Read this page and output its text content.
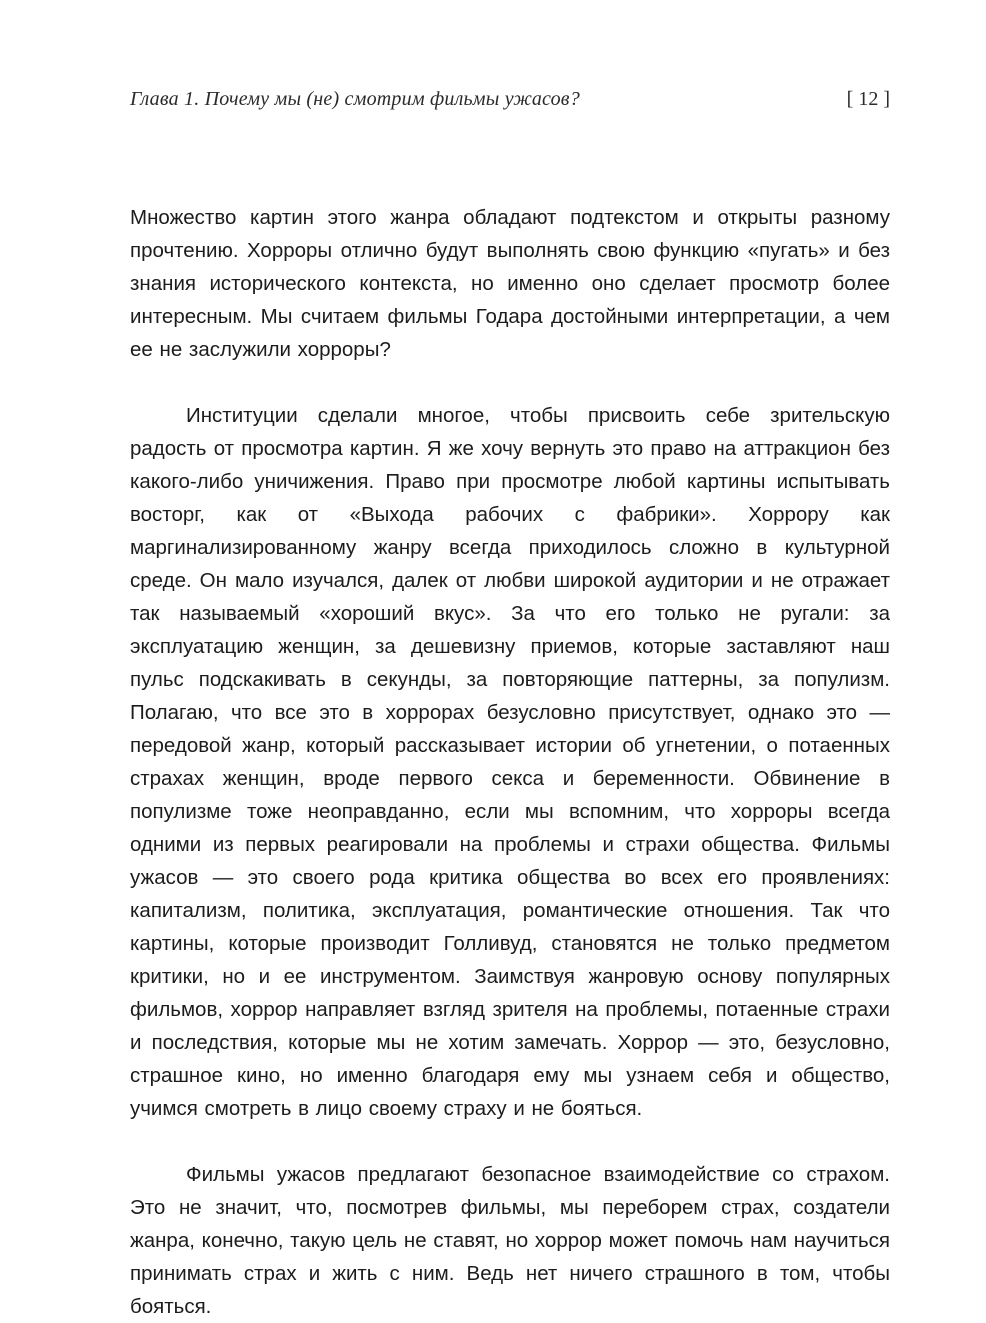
Глава 1. Почему мы (не) смотрим фильмы ужасов?	[ 12 ]

Множество картин этого жанра обладают подтекстом и открыты разному прочтению. Хорроры отлично будут выполнять свою функцию «пугать» и без знания исторического контекста, но именно оно сделает просмотр более интересным. Мы считаем фильмы Годара достойными интерпретации, а чем ее не заслужили хорроры?

Институции сделали многое, чтобы присвоить себе зрительскую радость от просмотра картин. Я же хочу вернуть это право на аттракцион без какого-либо уничижения. Право при просмотре любой картины испытывать восторг, как от «Выхода рабочих с фабрики». Хоррору как маргинализированному жанру всегда приходилось сложно в культурной среде. Он мало изучался, далек от любви широкой аудитории и не отражает так называемый «хороший вкус». За что его только не ругали: за эксплуатацию женщин, за дешевизну приемов, которые заставляют наш пульс подскакивать в секунды, за повторяющие паттерны, за популизм. Полагаю, что все это в хоррорах безусловно присутствует, однако это — передовой жанр, который рассказывает истории об угнетении, о потаенных страхах женщин, вроде первого секса и беременности. Обвинение в популизме тоже неоправданно, если мы вспомним, что хорроры всегда одними из первых реагировали на проблемы и страхи общества. Фильмы ужасов — это своего рода критика общества во всех его проявлениях: капитализм, политика, эксплуатация, романтические отношения. Так что картины, которые производит Голливуд, становятся не только предметом критики, но и ее инструментом. Заимствуя жанровую основу популярных фильмов, хоррор направляет взгляд зрителя на проблемы, потаенные страхи и последствия, которые мы не хотим замечать. Хоррор — это, безусловно, страшное кино, но именно благодаря ему мы узнаем себя и общество, учимся смотреть в лицо своему страху и не бояться.

Фильмы ужасов предлагают безопасное взаимодействие со страхом. Это не значит, что, посмотрев фильмы, мы переборем страх, создатели жанра, конечно, такую цель не ставят, но хоррор может помочь нам научиться принимать страх и жить с ним. Ведь нет ничего страшного в том, чтобы бояться.
